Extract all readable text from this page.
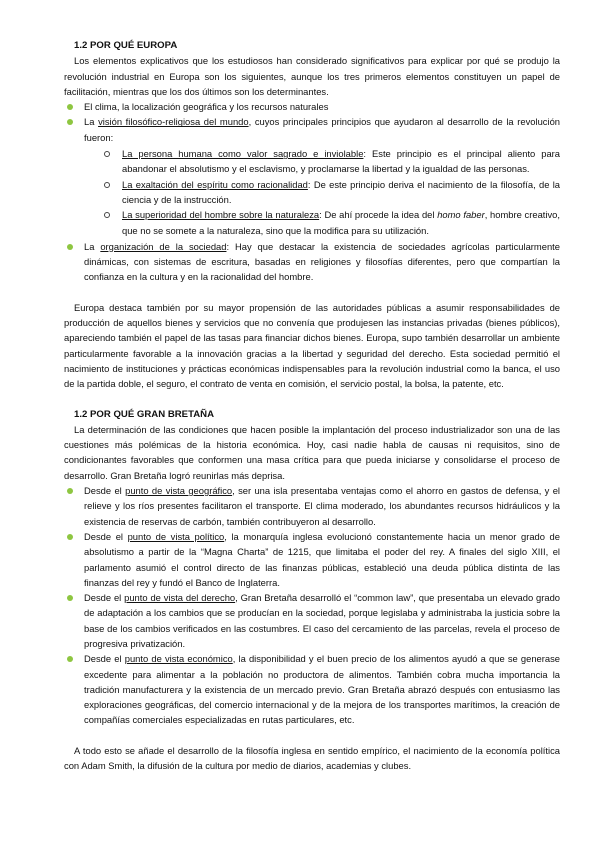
1.2 POR QUÉ EUROPA

Los elementos explicativos que los estudiosos han considerado significativos para explicar por qué se produjo la revolución industrial en Europa son los siguientes, aunque los tres primeros elementos constituyen un papel de facilitación, mientras que los dos últimos son los determinantes.

El clima, la localización geográfica y los recursos naturales
La visión filosófico-religiosa del mundo, cuyos principales principios que ayudaron al desarrollo de la revolución fueron:
La persona humana como valor sagrado e inviolable: Este principio es el principal aliento para abandonar el absolutismo y el esclavismo, y proclamarse la libertad y la igualdad de las personas.
La exaltación del espíritu como racionalidad: De este principio deriva el nacimiento de la filosofía, de la ciencia y de la instrucción.
La superioridad del hombre sobre la naturaleza: De ahí procede la idea del homo faber, hombre creativo, que no se somete a la naturaleza, sino que la modifica para su utilización.
La organización de la sociedad: Hay que destacar la existencia de sociedades agrícolas particularmente dinámicas, con sistemas de escritura, basadas en religiones y filosofías diferentes, pero que compartían la confianza en la cultura y en la racionalidad del hombre.

Europa destaca también por su mayor propensión de las autoridades públicas a asumir responsabilidades de producción de aquellos bienes y servicios que no convenía que produjesen las instancias privadas (bienes públicos), apareciendo también el papel de las tasas para financiar dichos bienes. Europa, supo también desarrollar un ambiente particularmente favorable a la innovación gracias a la libertad y seguridad del derecho. Esta sociedad permitió el nacimiento de instituciones y prácticas económicas indispensables para la revolución industrial como la banca, el uso de la partida doble, el seguro, el contrato de venta en comisión, el servicio postal, la bolsa, la patente, etc.

1.2 POR QUÉ GRAN BRETAÑA

La determinación de las condiciones que hacen posible la implantación del proceso industrializador son una de las cuestiones más polémicas de la historia económica. Hoy, casi nadie habla de causas ni requisitos, sino de condicionantes favorables que conformen una masa crítica para que pueda iniciarse y consolidarse el proceso de desarrollo. Gran Bretaña logró reunirlas más deprisa.

Desde el punto de vista geográfico, ser una isla presentaba ventajas como el ahorro en gastos de defensa, y el relieve y los ríos presentes facilitaron el transporte. El clima moderado, los abundantes recursos hidráulicos y la existencia de reservas de carbón, también contribuyeron al desarrollo.
Desde el punto de vista político, la monarquía inglesa evolucionó constantemente hacia un menor grado de absolutismo a partir de la “Magna Charta” de 1215, que limitaba el poder del rey. A finales del siglo XIII, el parlamento asumió el control directo de las finanzas públicas, estableció una deuda pública distinta de las finanzas del rey y fundó el Banco de Inglaterra.
Desde el punto de vista del derecho, Gran Bretaña desarrolló el “common law”, que presentaba un elevado grado de adaptación a los cambios que se producían en la sociedad, porque legislaba y administraba la justicia sobre la base de los cambios verificados en las costumbres. El caso del cercamiento de las parcelas, revela el proceso de progresiva privatización.
Desde el punto de vista económico, la disponibilidad y el buen precio de los alimentos ayudó a que se generase excedente para alimentar a la población no productora de alimentos. También cobra mucha importancia la tradición manufacturera y la existencia de un mercado previo. Gran Bretaña abrazó después con entusiasmo las exploraciones geográficas, del comercio internacional y de la mejora de los transportes marítimos, la creación de compañías comerciales especializadas en rutas particulares, etc.

A todo esto se añade el desarrollo de la filosofía inglesa en sentido empírico, el nacimiento de la economía política con Adam Smith, la difusión de la cultura por medio de diarios, academias y clubes.
